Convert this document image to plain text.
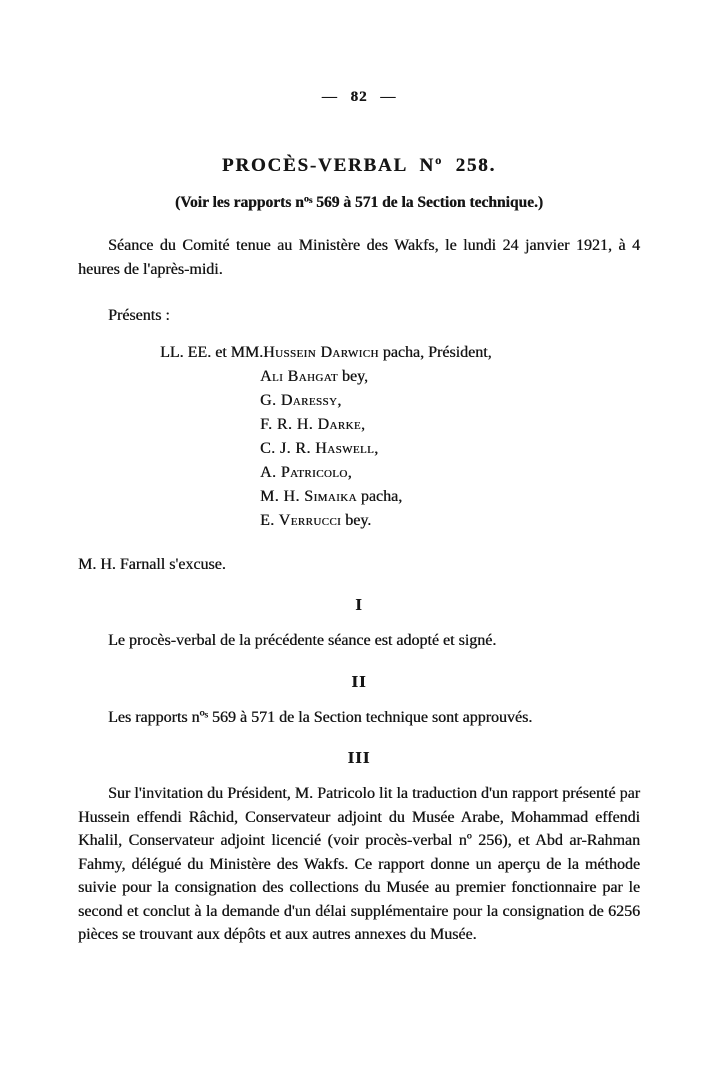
— 82 —
PROCÈS-VERBAL Nº 258.
(Voir les rapports nºˢ 569 à 571 de la Section technique.)

Séance du Comité tenue au Ministère des Wakfs, le lundi 24 janvier 1921, à 4 heures de l'après-midi.

Présents :

LL. EE. et MM. Hussein Darwich pacha, Président,
Ali Bahgat bey,
G. Daressy,
F. R. H. Darke,
C. J. R. Haswell,
A. Patricolo,
M. H. Simaika pacha,
E. Verrucci bey.

M. H. Farnall s'excuse.

I

Le procès-verbal de la précédente séance est adopté et signé.

II

Les rapports nºˢ 569 à 571 de la Section technique sont approuvés.

III

Sur l'invitation du Président, M. Patricolo lit la traduction d'un rapport présenté par Hussein effendi Râchid, Conservateur adjoint du Musée Arabe, Mohammad effendi Khalil, Conservateur adjoint licencié (voir procès-verbal nº 256), et Abd ar-Rahman Fahmy, délégué du Ministère des Wakfs. Ce rapport donne un aperçu de la méthode suivie pour la consignation des collections du Musée au premier fonctionnaire par le second et conclut à la demande d'un délai supplémentaire pour la consignation de 6256 pièces se trouvant aux dépôts et aux autres annexes du Musée.
